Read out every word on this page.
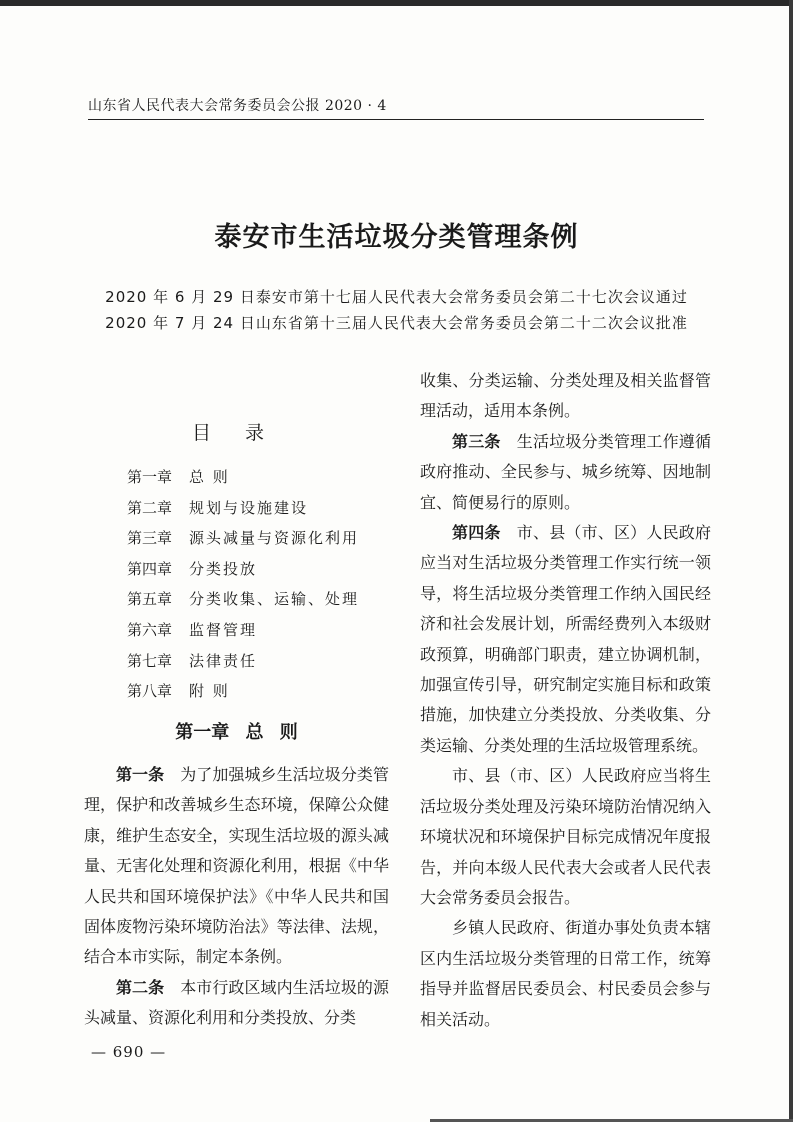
山东省人民代表大会常务委员会公报 2020 · 4
泰安市生活垃圾分类管理条例
2020 年 6 月 29 日泰安市第十七届人民代表大会常务委员会第二十七次会议通过
2020 年 7 月 24 日山东省第十三届人民代表大会常务委员会第二十二次会议批准
目 录
第一章	总 则
第二章	规划与设施建设
第三章	源头减量与资源化利用
第四章	分类投放
第五章	分类收集、运输、处理
第六章	监督管理
第七章	法律责任
第八章	附 则
第一章 总 则

第一条　 为了加强城乡生活垃圾分类管理，保护和改善城乡生态环境，保障公众健康，维护生态安全，实现生活垃圾的源头减量、无害化处理和资源化利用，根据《中华人民共和国环境保护法》《中华人民共和国固体废物污染环境防治法》等法律、法规，结合本市实际，制定本条例。

第二条　 本市行政区域内生活垃圾的源头减量、资源化利用和分类投放、分类

收集、分类运输、分类处理及相关监督管理活动，适用本条例。

第三条　 生活垃圾分类管理工作遵循政府推动、全民参与、城乡统筹、因地制宜、简便易行的原则。

第四条　 市、县（市、区）人民政府应当对生活垃圾分类管理工作实行统一领导，将生活垃圾分类管理工作纳入国民经济和社会发展计划，所需经费列入本级财政预算，明确部门职责，建立协调机制，加强宣传引导，研究制定实施目标和政策措施，加快建立分类投放、分类收集、分类运输、分类处理的生活垃圾管理系统。

市、县（市、区）人民政府应当将生活垃圾分类处理及污染环境防治情况纳入环境状况和环境保护目标完成情况年度报告，并向本级人民代表大会或者人民代表大会常务委员会报告。

乡镇人民政府、街道办事处负责本辖区内生活垃圾分类管理的日常工作，统筹指导并监督居民委员会、村民委员会参与相关活动。

— 690 —
